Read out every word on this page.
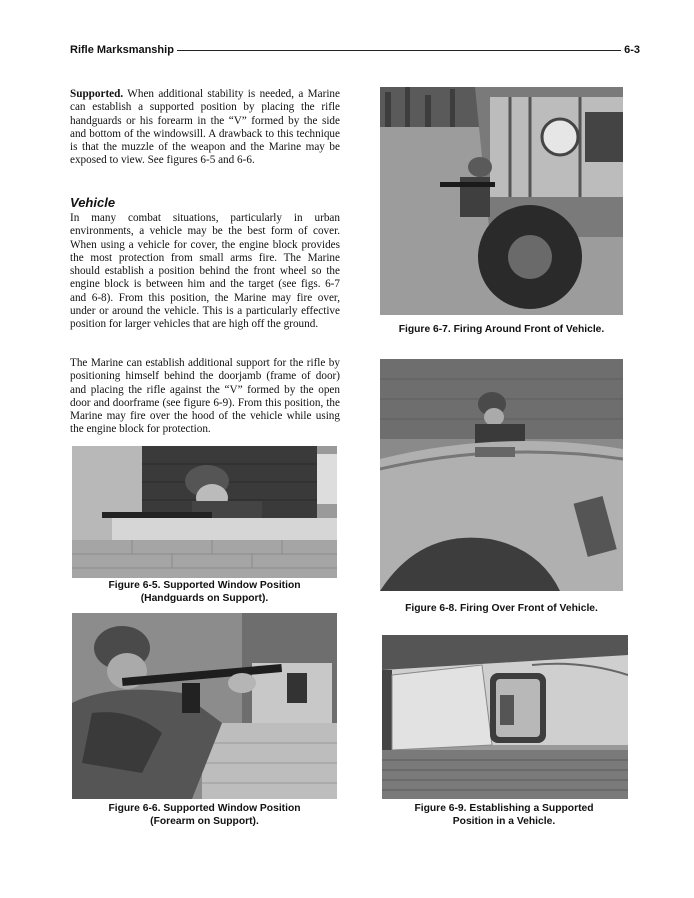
Rifle Marksmanship	6-3

Supported. When additional stability is needed, a Marine can establish a supported position by placing the rifle handguards or his forearm in the “V” formed by the side and bottom of the windowsill. A drawback to this technique is that the muzzle of the weapon and the Marine may be exposed to view. See figures 6-5 and 6-6.

Vehicle

In many combat situations, particularly in urban environments, a vehicle may be the best form of cover. When using a vehicle for cover, the engine block provides the most protection from small arms fire. The Marine should establish a position behind the front wheel so the engine block is between him and the target (see figs. 6-7 and 6-8). From this position, the Marine may fire over, under or around the vehicle. This is a particularly effective position for larger vehicles that are high off the ground.

The Marine can establish additional support for the rifle by positioning himself behind the doorjamb (frame of door) and placing the rifle against the “V” formed by the open door and doorframe (see figure 6-9). From this position, the Marine may fire over the hood of the vehicle while using the engine block for protection.

Figure 6-5. Supported Window Position
(Handguards on Support).
Figure 6-6. Supported Window Position
(Forearm on Support).
Figure 6-7. Firing Around Front of Vehicle.
Figure 6-8. Firing Over Front of Vehicle.
Figure 6-9. Establishing a Supported
Position in a Vehicle.
